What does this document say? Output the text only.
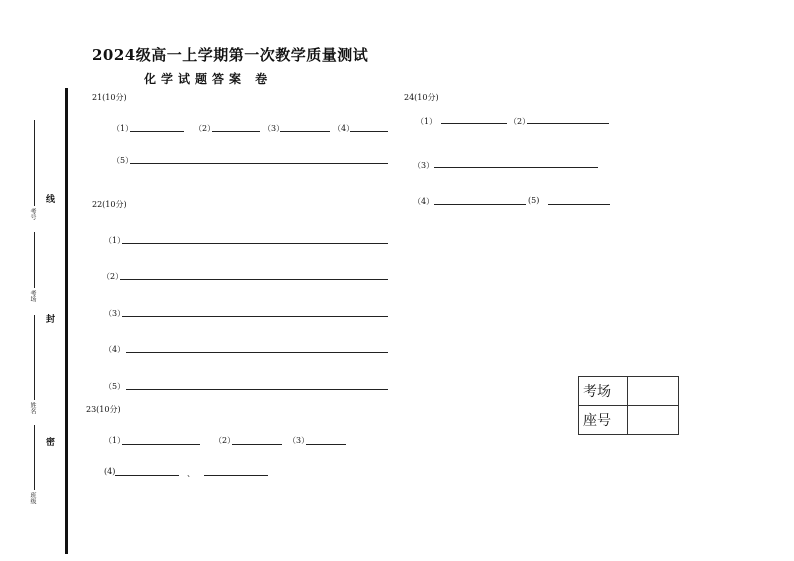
2024级高一上学期第一次教学质量测试
化学试题答案 卷
考号
考场
姓名
班级
线
封
密
21(10分)
（1）	（2）	（3）	（4）
（5）
22(10分)
（1）
（2）
（3）
（4）
（5）
23(10分)
（1）	（2）	（3）
(4)	、
24(10分)
（1）	（2）
（3）
（4）	(5)
考场	
座号	
